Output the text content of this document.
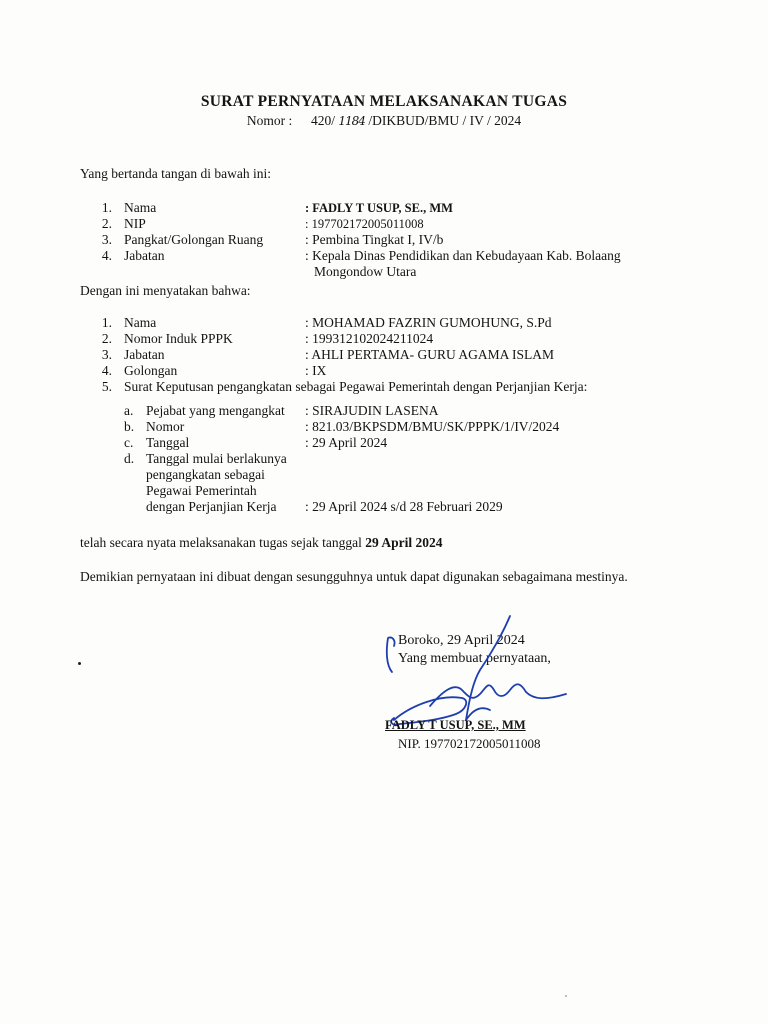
SURAT PERNYATAAN MELAKSANAKAN TUGAS
Nomor : 420/ 1184 /DIKBUD/BMU / IV / 2024
Yang bertanda tangan di bawah ini:
1. Nama	: FADLY T USUP, SE., MM
2. NIP	: 197702172005011008
3. Pangkat/Golongan Ruang	: Pembina Tingkat I, IV/b
4. Jabatan	: Kepala Dinas Pendidikan dan Kebudayaan Kab. Bolaang
Mongondow Utara
Dengan ini menyatakan bahwa:
1. Nama	: MOHAMAD FAZRIN GUMOHUNG, S.Pd
2. Nomor Induk PPPK	: 199312102024211024
3. Jabatan	: AHLI PERTAMA- GURU AGAMA ISLAM
4. Golongan	: IX
5. Surat Keputusan pengangkatan sebagai Pegawai Pemerintah dengan Perjanjian Kerja:
a. Pejabat yang mengangkat : SIRAJUDIN LASENA
b. Nomor	: 821.03/BKPSDM/BMU/SK/PPPK/1/IV/2024
c. Tanggal	: 29 April 2024
d. Tanggal mulai berlakunya
pengangkatan sebagai
Pegawai Pemerintah
dengan Perjanjian Kerja : 29 April 2024 s/d 28 Februari 2029
telah secara nyata melaksanakan tugas sejak tanggal 29 April 2024
Demikian pernyataan ini dibuat dengan sesungguhnya untuk dapat digunakan sebagaimana mestinya.
Boroko, 29 April 2024
Yang membuat pernyataan,
FADLY T USUP, SE., MM
NIP. 197702172005011008
